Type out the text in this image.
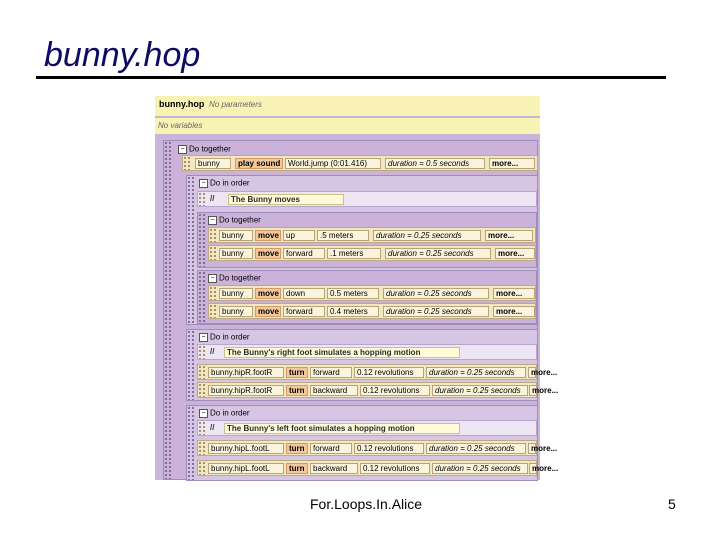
bunny.hop
bunny.hop No parameters
No variables
− Do together
bunny	play sound World.jump (0:01.416)	duration = 0.5 seconds	more...
− Do in order
//	The Bunny moves
− Do together
bunny	move up	.5 meters	duration = 0.25 seconds	more...
bunny	move forward	.1 meters	duration = 0.25 seconds	more...
− Do together
bunny	move down	0.5 meters	duration = 0.25 seconds	more...
bunny	move forward	0.4 meters	duration = 0.25 seconds	more...
− Do in order
//	The Bunny's right foot simulates a hopping motion
bunny.hipR.footR	turn	forward	0.12 revolutions	duration = 0.25 seconds	more...
bunny.hipR.footR	turn	backward	0.12 revolutions	duration = 0.25 seconds	more...
− Do in order
//	The Bunny's left foot simulates a hopping motion
bunny.hipL.footL	turn	forward	0.12 revolutions	duration = 0.25 seconds	more...
bunny.hipL.footL	turn	backward	0.12 revolutions	duration = 0.25 seconds	more...
For.Loops.In.Alice	5
